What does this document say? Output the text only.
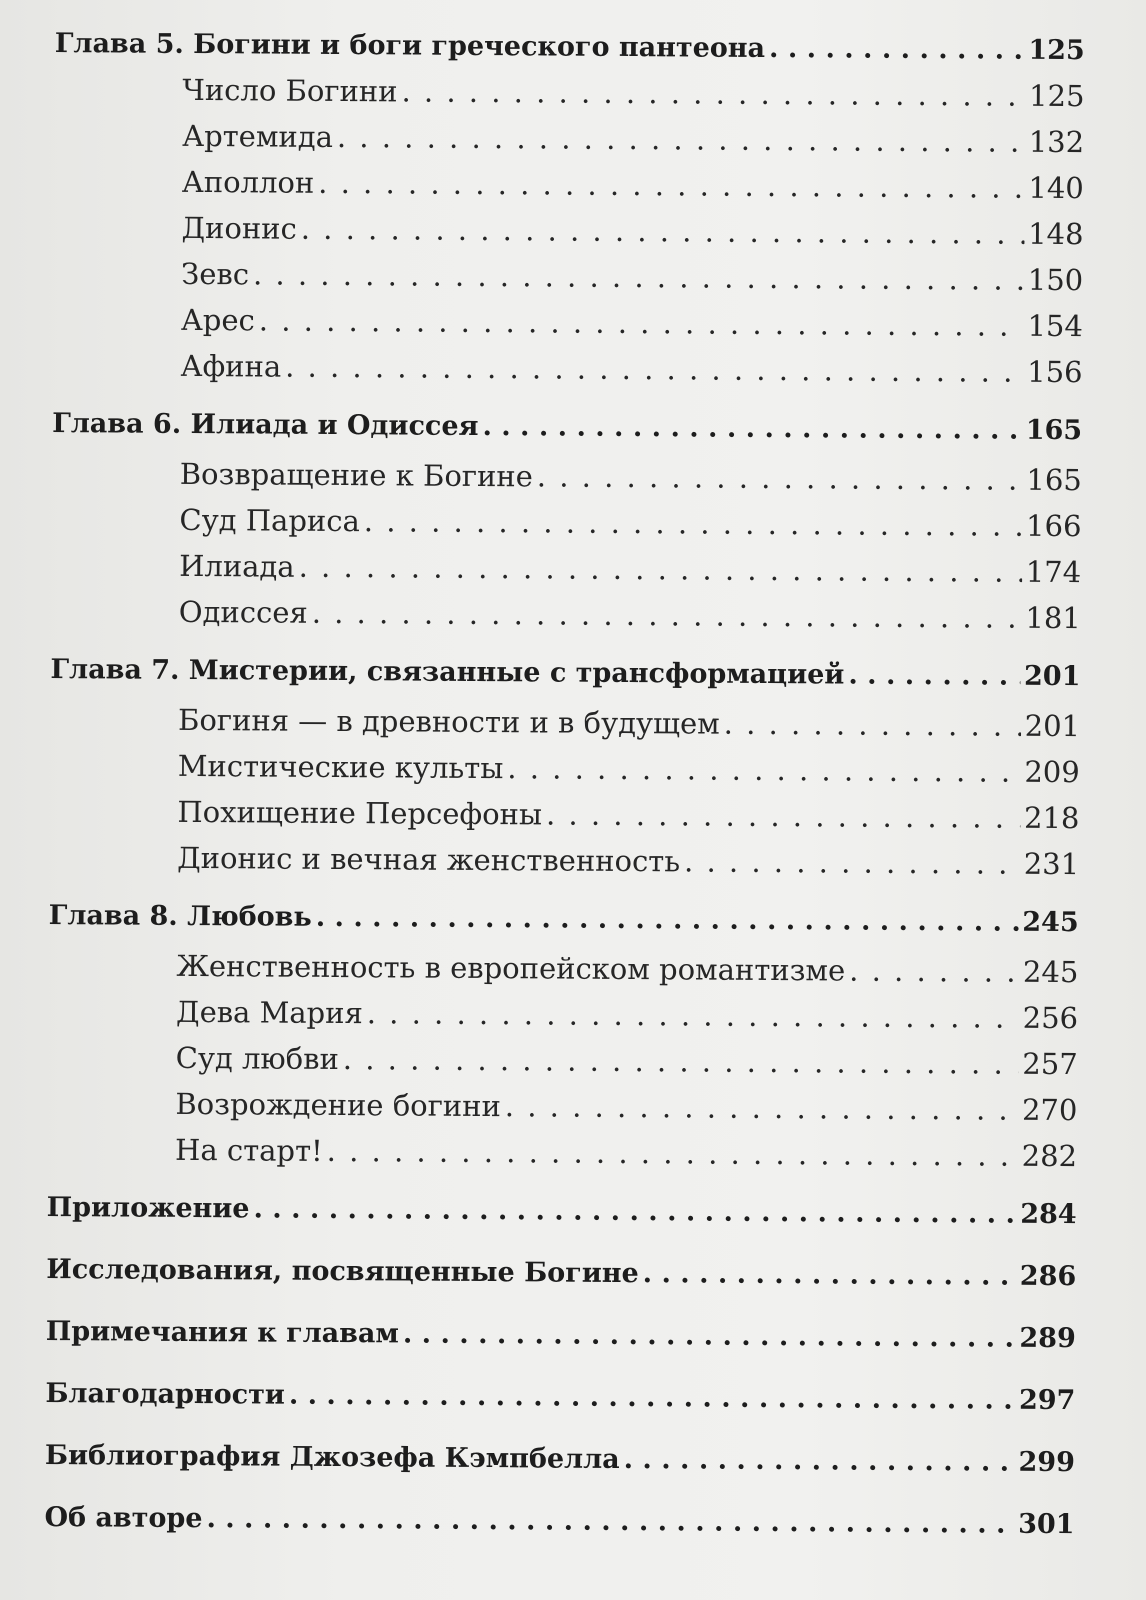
Глава 5. Богини и боги греческого пантеона . . .	125
Число Богини . . .	125
Артемида . . .	132
Аполлон . . .	140
Дионис . . .	148
Зевс . . .	150
Арес . . .	154
Афина . . .	156
Глава 6. Илиада и Одиссея . . .	165
Возвращение к Богине . . .	165
Суд Париса . . .	166
Илиада . . .	174
Одиссея . . .	181
Глава 7. Мистерии, связанные с трансформацией . . .	201
Богиня — в древности и в будущем . . .	201
Мистические культы . . .	209
Похищение Персефоны . . .	218
Дионис и вечная женственность . . .	231
Глава 8. Любовь . . .	245
Женственность в европейском романтизме . . .	245
Дева Мария . . .	256
Суд любви . . .	257
Возрождение богини . . .	270
На старт! . . .	282
Приложение . . .	284
Исследования, посвященные Богине . . .	286
Примечания к главам . . .	289
Благодарности . . .	297
Библиография Джозефа Кэмпбелла . . .	299
Об авторе . . .	301
